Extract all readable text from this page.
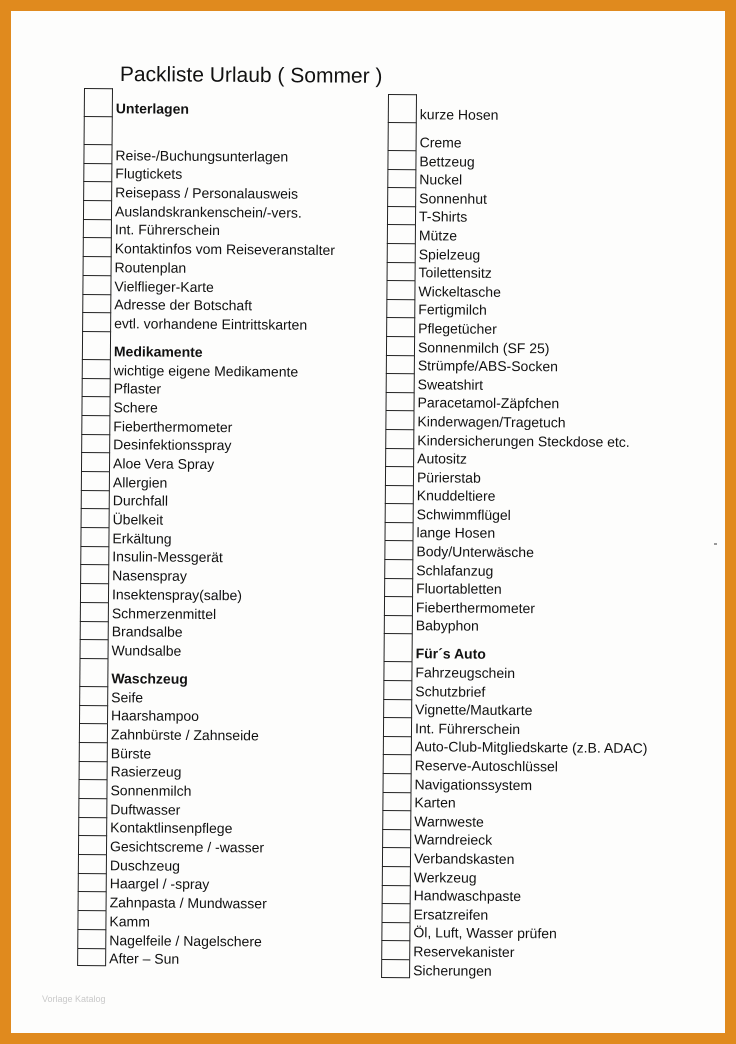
Packliste Urlaub ( Sommer )
Unterlagen
Reise-/Buchungsunterlagen
Flugtickets
Reisepass / Personalausweis
Auslandskrankenschein/-vers.
Int. Führerschein
Kontaktinfos vom Reiseveranstalter
Routenplan
Vielflieger-Karte
Adresse der Botschaft
evtl. vorhandene Eintrittskarten
Medikamente
wichtige eigene Medikamente
Pflaster
Schere
Fieberthermometer
Desinfektionsspray
Aloe Vera Spray
Allergien
Durchfall
Übelkeit
Erkältung
Insulin-Messgerät
Nasenspray
Insektenspray(salbe)
Schmerzenmittel
Brandsalbe
Wundsalbe
Waschzeug
Seife
Haarshampoo
Zahnbürste / Zahnseide
Bürste
Rasierzeug
Sonnenmilch
Duftwasser
Kontaktlinsenpflege
Gesichtscreme / -wasser
Duschzeug
Haargel / -spray
Zahnpasta / Mundwasser
Kamm
Nagelfeile / Nagelschere
After – Sun
kurze Hosen
Creme
Bettzeug
Nuckel
Sonnenhut
T-Shirts
Mütze
Spielzeug
Toilettensitz
Wickeltasche
Fertigmilch
Pflegetücher
Sonnenmilch (SF 25)
Strümpfe/ABS-Socken
Sweatshirt
Paracetamol-Zäpfchen
Kinderwagen/Tragetuch
Kindersicherungen Steckdose etc.
Autositz
Pürierstab
Knuddeltiere
Schwimmflügel
lange Hosen
Body/Unterwäsche
Schlafanzug
Fluortabletten
Fieberthermometer
Babyphon
Für´s Auto
Fahrzeugschein
Schutzbrief
Vignette/Mautkarte
Int. Führerschein
Auto-Club-Mitgliedskarte (z.B. ADAC)
Reserve-Autoschlüssel
Navigationssystem
Karten
Warnweste
Warndreieck
Verbandskasten
Werkzeug
Handwaschpaste
Ersatzreifen
Öl, Luft, Wasser prüfen
Reservekanister
Sicherungen
Vorlage Katalog
